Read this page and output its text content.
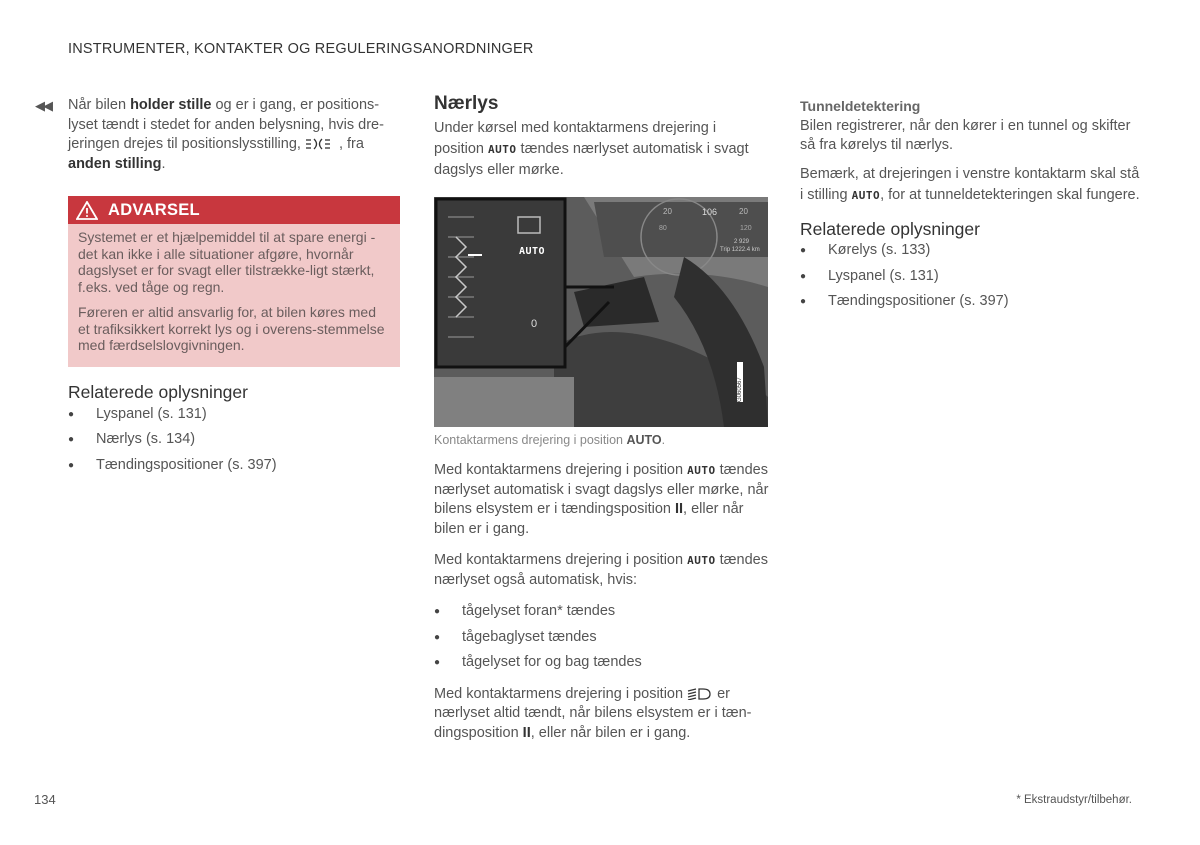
INSTRUMENTER, KONTAKTER OG REGULERINGSANORDNINGER
◀◀ Når bilen holder stille og er i gang, er positions-lyset tændt i stedet for anden belysning, hvis dre-jeringen drejes til positionslysstilling, , fra anden stilling.

ADVARSEL

Systemet er et hjælpemiddel til at spare energi - det kan ikke i alle situationer afgøre, hvornår dagslyset er for svagt eller tilstrække-ligt stærkt, f.eks. ved tåge og regn.

Føreren er altid ansvarlig for, at bilen køres med et trafiksikkert korrekt lys og i overens-stemmelse med færdselslovgivningen.

Relaterede oplysninger
● Lyspanel (s. 131)
● Nærlys (s. 134)
● Tændingspositioner (s. 397)
Nærlys

Under kørsel med kontaktarmens drejering i position AUTO tændes nærlyset automatisk i svagt dagslys eller mørke.

AUTO
0
20	106	20
80	120
2 929
Trip 1222.4 km
G060567
Kontaktarmens drejering i position AUTO.

Med kontaktarmens drejering i position AUTO tændes nærlyset automatisk i svagt dagslys eller mørke, når bilens elsystem er i tændingsposition II, eller når bilen er i gang.

Med kontaktarmens drejering i position AUTO tændes nærlyset også automatisk, hvis:

● tågelyset foran* tændes
● tågebaglyset tændes
● tågelyset for og bag tændes

Med kontaktarmens drejering i position  er nærlyset altid tændt, når bilens elsystem er i tæn-dingsposition II, eller når bilen er i gang.

Tunneldetektering

Bilen registrerer, når den kører i en tunnel og skifter så fra kørelys til nærlys.

Bemærk, at drejeringen i venstre kontaktarm skal stå i stilling AUTO, for at tunneldetekteringen skal fungere.

Relaterede oplysninger
● Kørelys (s. 133)
● Lyspanel (s. 131)
● Tændingspositioner (s. 397)
134	* Ekstraudstyr/tilbehør.
